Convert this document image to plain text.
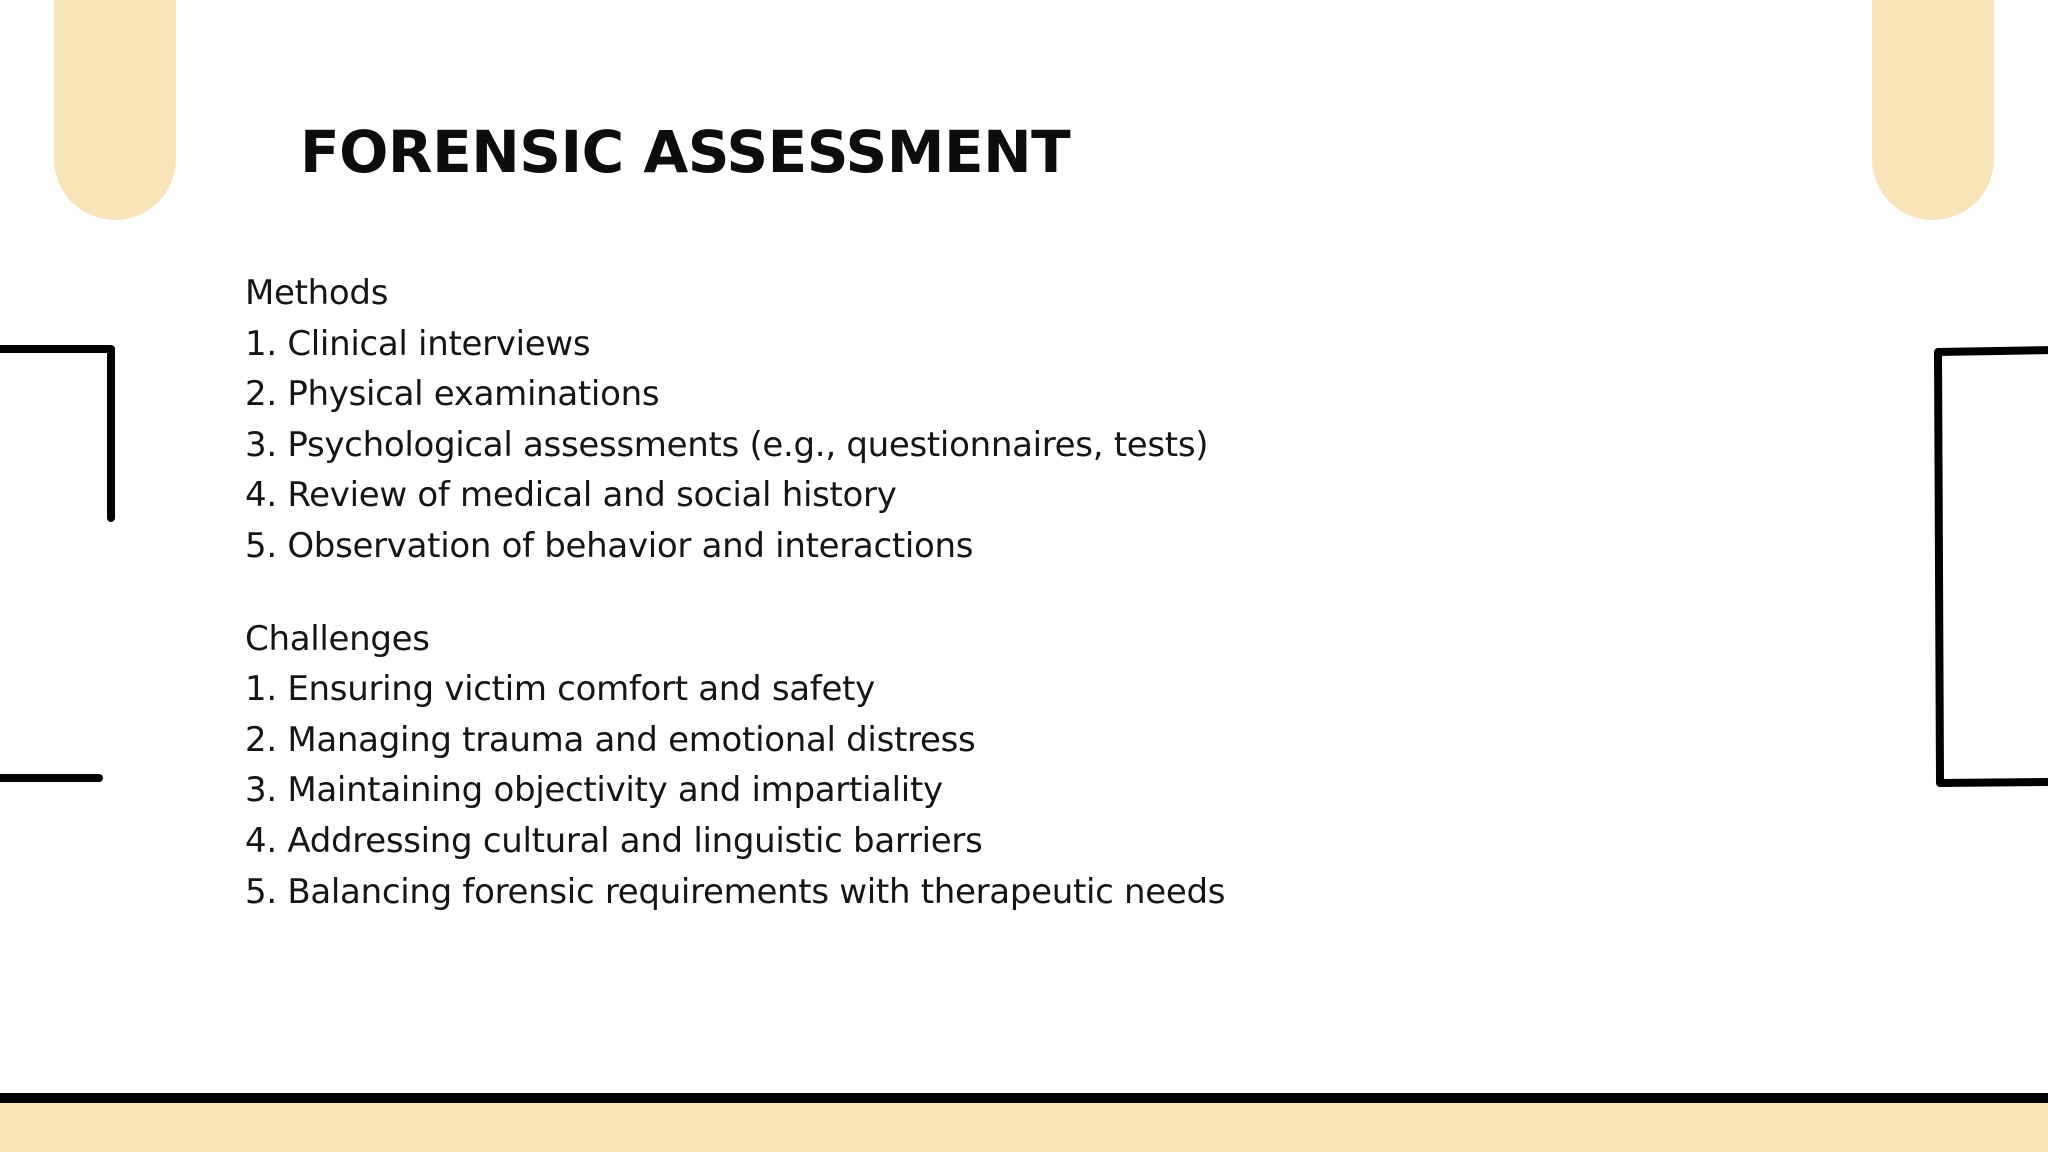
FORENSIC ASSESSMENT
Methods
1. Clinical interviews
2. Physical examinations
3. Psychological assessments (e.g., questionnaires, tests)
4. Review of medical and social history
5. Observation of behavior and interactions
Challenges
1. Ensuring victim comfort and safety
2. Managing trauma and emotional distress
3. Maintaining objectivity and impartiality
4. Addressing cultural and linguistic barriers
5. Balancing forensic requirements with therapeutic needs
